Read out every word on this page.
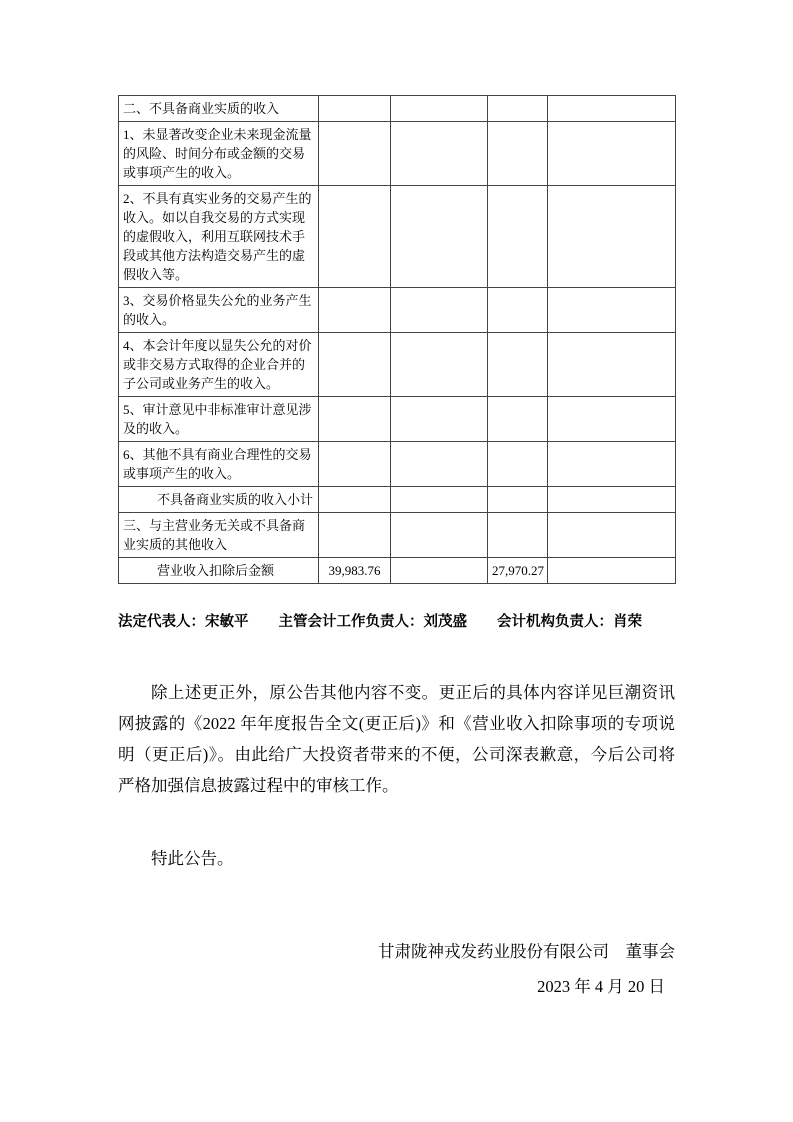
二、不具备商业实质的收入				
1、未显著改变企业未来现金流量的风险、时间分布或金额的交易或事项产生的收入。				
2、不具有真实业务的交易产生的收入。如以自我交易的方式实现的虚假收入，利用互联网技术手段或其他方法构造交易产生的虚假收入等。				
3、交易价格显失公允的业务产生的收入。				
4、本会计年度以显失公允的对价或非交易方式取得的企业合并的子公司或业务产生的收入。				
5、审计意见中非标准审计意见涉及的收入。				
6、其他不具有商业合理性的交易或事项产生的收入。				
不具备商业实质的收入小计				
三、与主营业务无关或不具备商业实质的其他收入				
营业收入扣除后金额	39,983.76		27,970.27	
法定代表人：宋敏平 主管会计工作负责人：刘茂盛 会计机构负责人：肖荣

除上述更正外，原公告其他内容不变。更正后的具体内容详见巨潮资讯网披露的《2022 年年度报告全文(更正后)》和《营业收入扣除事项的专项说明（更正后)》。由此给广大投资者带来的不便，公司深表歉意，今后公司将严格加强信息披露过程中的审核工作。

特此公告。

甘肃陇神戎发药业股份有限公司　董事会
2023 年 4 月 20 日
